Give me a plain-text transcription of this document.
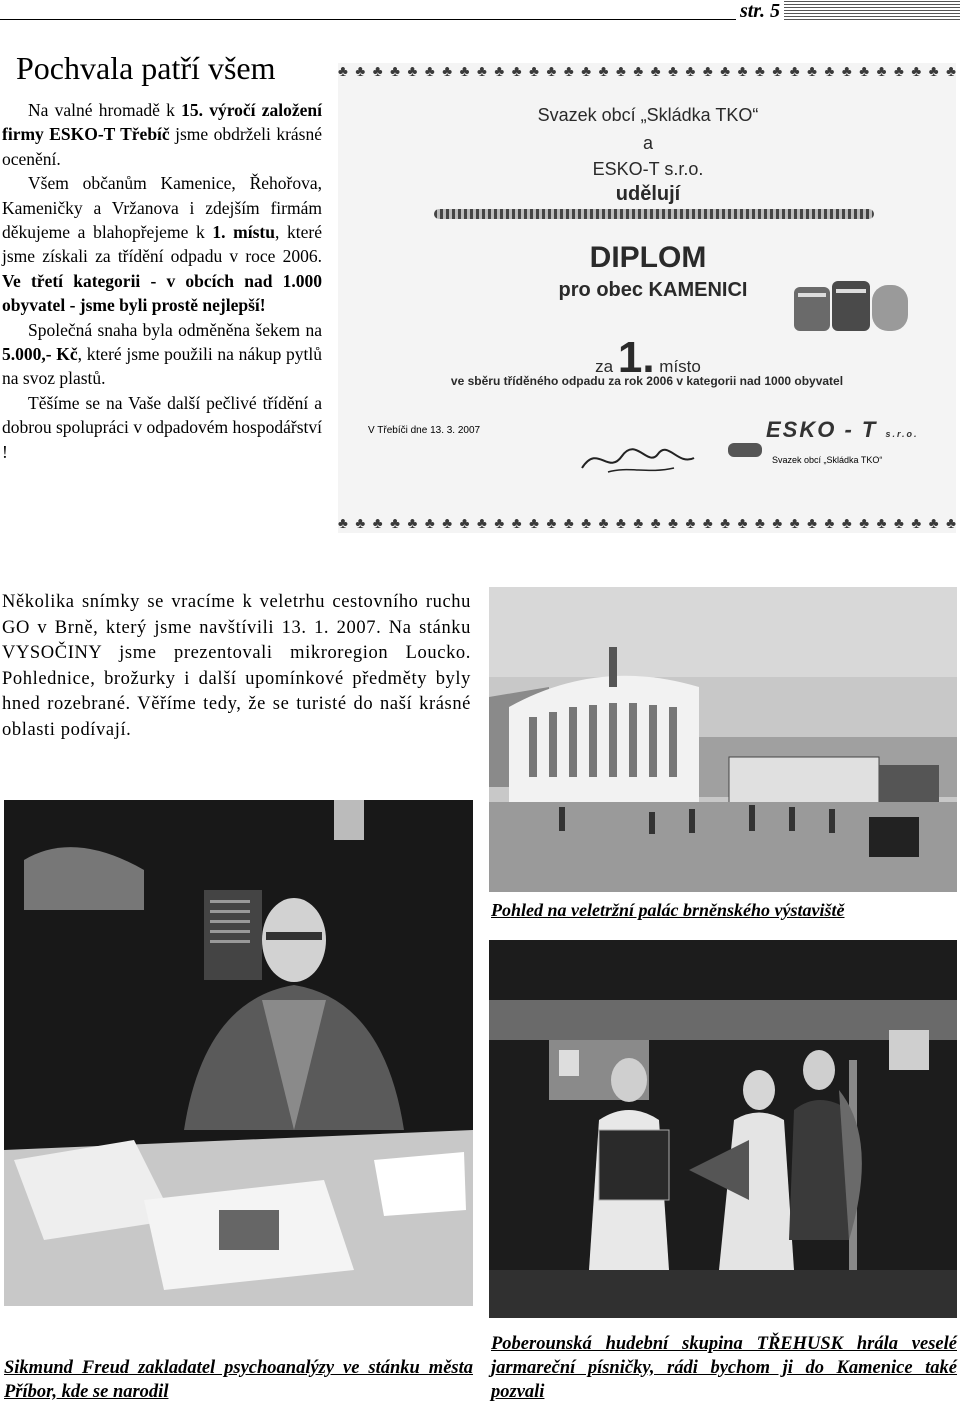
str. 5
Pochvala patří všem

Na valné hromadě k 15. výročí založení firmy ESKO-T Třebíč jsme obdrželi krásné ocenění.

Všem občanům Kamenice, Řehořova, Kameničky a Vržanova i zdejším firmám děkujeme a blahopřejeme k 1. místu, které jsme získali za třídění odpadu v roce 2006. Ve třetí kategorii - v obcích nad 1.000 obyvatel - jsme byli prostě nejlepší!

Společná snaha byla odměněna šekem na 5.000,- Kč, které jsme použili na nákup pytlů na svoz plastů.

Těšíme se na Vaše další pečlivé třídění a dobrou spolupráci v odpadovém hospodářství !

♣ ♣ ♣ ♣ ♣ ♣ ♣ ♣ ♣ ♣ ♣ ♣ ♣ ♣ ♣ ♣ ♣ ♣ ♣ ♣ ♣ ♣ ♣ ♣ ♣ ♣ ♣ ♣ ♣ ♣ ♣ ♣ ♣ ♣ ♣ ♣
Svazek obcí „Skládka TKO“
a
ESKO-T s.r.o.
udělují
DIPLOM
pro obec KAMENICI
za 1. místo
ve sběru tříděného odpadu za rok 2006 v kategorii nad 1000 obyvatel
V Třebíči dne 13. 3. 2007	ESKO - T s.r.o.
Svazek obcí „Skládka TKO“
♣ ♣ ♣ ♣ ♣ ♣ ♣ ♣ ♣ ♣ ♣ ♣ ♣ ♣ ♣ ♣ ♣ ♣ ♣ ♣ ♣ ♣ ♣ ♣ ♣ ♣ ♣ ♣ ♣ ♣ ♣ ♣ ♣ ♣ ♣ ♣
Několika snímky se vracíme k veletrhu cestovního ruchu GO v Brně, který jsme navštívili 13. 1. 2007. Na stánku VYSOČINY jsme prezentovali mikroregion Loucko. Pohlednice, brožurky i další upomínkové předměty byly hned rozebrané. Věříme tedy, že se turisté do naší krásné oblasti podívají.
Pohled na veletržní palác brněnského výstaviště
Sikmund Freud zakladatel psychoanalýzy ve stánku města Příbor, kde se narodil
Poberounská hudební skupina TŘEHUSK hrála veselé jarmareční písničky, rádi bychom ji do Kamenice také pozvali
